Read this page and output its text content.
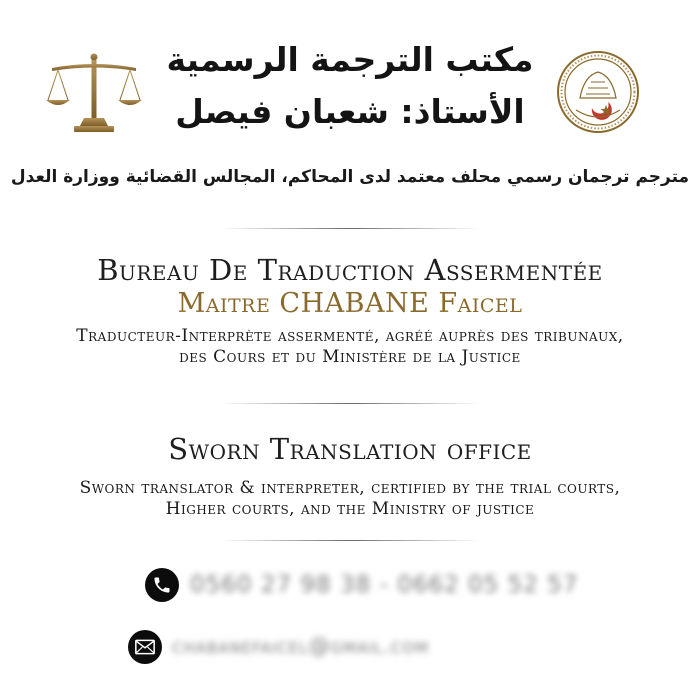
مكتب الترجمة الرسمية
الأستاذ: شعبان فيصل
مترجم ترجمان رسمي محلف معتمد لدى المحاكم، المجالس القضائية ووزارة العدل
Bureau De Traduction Assermentée
Maitre CHABANE Faicel
Traducteur-Interprète assermenté, agréé auprès des tribunaux,
des Cours et du Ministère de la Justice
Sworn Translation office
Sworn translator & interpreter, certified by the trial courts,
Higher courts, and the Ministry of justice
0560 27 98 38 - 0662 05 52 57
chabanefaicel@gmail.com
